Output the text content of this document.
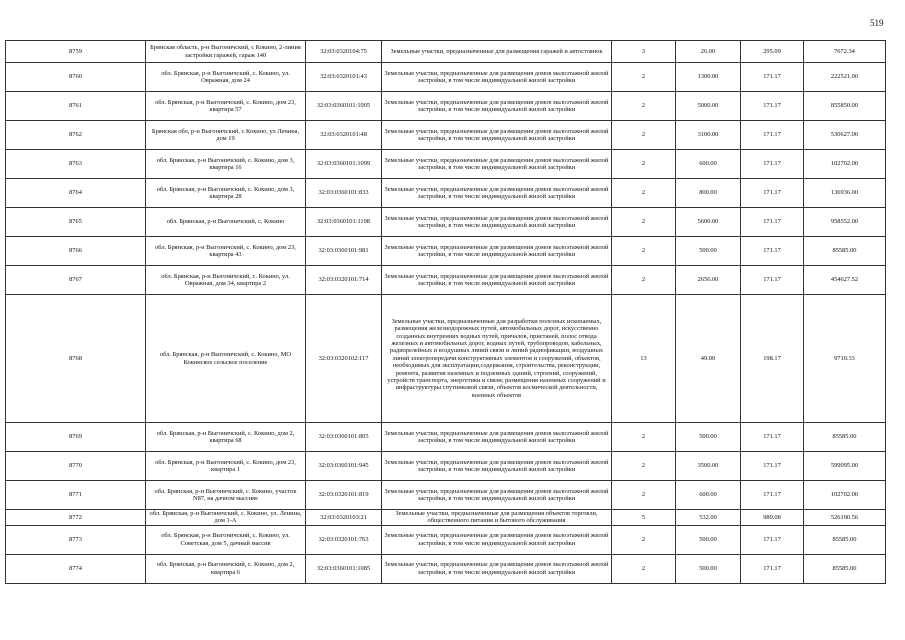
519
8759	Брянская область, р-н Выгоничский, с Кокино, 2-линия застройки гаражей, гараж 140	32:03:0320104:75	Земельные участки, предназначенные для размещения гаражей и автостоянок	3	26.00	295.09	7672.34
8760	обл. Брянская, р-н Выгоничский, с. Кокино, ул. Овражная, дом 24	32:03:0320101:43	Земельные участки, предназначенные для размещения домов малоэтажной жилой застройки, в том числе индивидуальной жилой застройки	2	1300.00	171.17	222521.00
8761	обл. Брянская, р-н Выгоничский, с. Кокино, дом 23, квартира 57	32:03:0360101:1005	Земельные участки, предназначенные для размещения домов малоэтажной жилой застройки, в том числе индивидуальной жилой застройки	2	5000.00	171.17	855850.00
8762	Брянская обл, р-н Выгоничский, с Кокино, ул Ленина, дом 19	32:03:0320101:48	Земельные участки, предназначенные для размещения домов малоэтажной жилой застройки, в том числе индивидуальной жилой застройки	2	3100.00	171.17	530627.00
8763	обл. Брянская, р-н Выгоничский, с. Кокино, дом 3, квартира 16	32:03:0360101:1099	Земельные участки, предназначенные для размещения домов малоэтажной жилой застройки, в том числе индивидуальной жилой застройки	2	600.00	171.17	102702.00
8764	обл. Брянская, р-н Выгоничский, с. Кокино, дом 3, квартира 28	32:03:0360101:833	Земельные участки, предназначенные для размещения домов малоэтажной жилой застройки, в том числе индивидуальной жилой застройки	2	800.00	171.17	136936.00
8765	обл. Брянская, р-н Выгоничский, с. Кокино	32:03:0360101:1198	Земельные участки, предназначенные для размещения домов малоэтажной жилой застройки, в том числе индивидуальной жилой застройки	2	5600.00	171.17	958552.00
8766	обл. Брянская, р-н Выгоничский, с. Кокино, дом 23, квартира 43	32:03:0360101:981	Земельные участки, предназначенные для размещения домов малоэтажной жилой застройки, в том числе индивидуальной жилой застройки	2	500.00	171.17	85585.00
8767	обл. Брянская, р-н Выгоничский, с. Кокино, ул. Овражная, дом 34, квартира 2	32:03:0320101:714	Земельные участки, предназначенные для размещения домов малоэтажной жилой застройки, в том числе индивидуальной жилой застройки	2	2656.00	171.17	454627.52
8768	обл. Брянская, р-н Выгоничский, с. Кокино, МО Кокинское сельское поселение	32:03:0320102:117	Земельные участки, предназначенные для разработки полезных ископаемых, размещения железнодорожных путей, автомобильных дорог, искусственно созданных внутренних водных путей, причалов, пристаней, полос отвода железных и автомобильных дорог, водных путей, трубопроводов, кабельных, радиорелейных и воздушных линий связи и линий радиофикации, воздушных линий электропередачи конструктивных элементов и сооружений, объектов, необходимых для эксплуатации,содержания, строительства, реконструкции, ремонта, развития наземных и подземных зданий, строений, сооружений, устройств транспорта, энергетики и связи; размещения наземных сооружений и инфраструктуры спутниковой связи, объектов космической деятельности, военных объектов	13	49.00	198.17	9710.33
8769	обл. Брянская, р-н Выгоничский, с. Кокино, дом 2, квартира 68	32:03:0360101:805	Земельные участки, предназначенные для размещения домов малоэтажной жилой застройки, в том числе индивидуальной жилой застройки	2	500.00	171.17	85585.00
8770	обл. Брянская, р-н Выгоничский, с. Кокино, дом 23, квартира 1	32:03:0360101:945	Земельные участки, предназначенные для размещения домов малоэтажной жилой застройки, в том числе индивидуальной жилой застройки	2	3500.00	171.17	599095.00
8771	обл. Брянская, р-н Выгоничский, с. Кокино, участок N87, на дачном массиве	32:03:0320101:819	Земельные участки, предназначенные для размещения домов малоэтажной жилой застройки, в том числе индивидуальной жилой застройки	2	600.00	171.17	102702.00
8772	обл. Брянская, р-н Выгоничский, с. Кокино, ул. Ленина, дом 1-А	32:03:0320103:21	Земельные участки, предназначенные для размещения объектов торговли, общественного питания и бытового обслуживания	5	532.00	989.08	526190.56
8773	обл. Брянская, р-н Выгоничский, с. Кокино, ул. Советская, дом 5, дачный массив	32:03:0320101:763	Земельные участки, предназначенные для размещения домов малоэтажной жилой застройки, в том числе индивидуальной жилой застройки	2	500.00	171.17	85585.00
8774	обл. Брянская, р-н Выгоничский, с. Кокино, дом 2, квартира 6	32:03:0360101:1085	Земельные участки, предназначенные для размещения домов малоэтажной жилой застройки, в том числе индивидуальной жилой застройки	2	500.00	171.17	85585.00
